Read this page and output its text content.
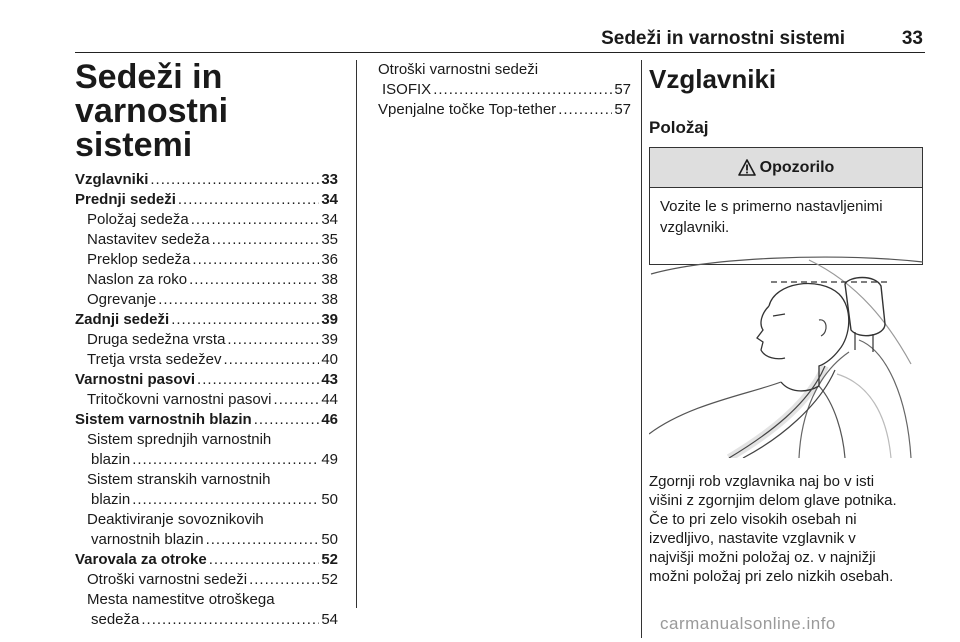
Sedeži in varnostni sistemi	33
Sedeži in varnostni
sistemi
Vzglavniki .....	33
Prednji sedeži .....	34
Položaj sedeža .....	34
Nastavitev sedeža .....	35
Preklop sedeža .....	36
Naslon za roko .....	38
Ogrevanje .....	38
Zadnji sedeži .....	39
Druga sedežna vrsta .....	39
Tretja vrsta sedežev .....	40
Varnostni pasovi .....	43
Tritočkovni varnostni pasovi .....	44
Sistem varnostnih blazin .....	46
Sistem sprednjih varnostnih
blazin .....	49
Sistem stranskih varnostnih
blazin .....	50
Deaktiviranje sovoznikovih
varnostnih blazin .....	50
Varovala za otroke .....	52
Otroški varnostni sedeži .....	52
Mesta namestitve otroškega
sedeža .....	54
Otroški varnostni sedeži
ISOFIX .....	57
Vpenjalne točke Top-tether .....	57
Vzglavniki
Položaj
Opozorilo
Vozite le s primerno nastavljenimi
vzglavniki.
Zgornji rob vzglavnika naj bo v isti
višini z zgornjim delom glave potnika.
Če to pri zelo visokih osebah ni
izvedljivo, nastavite vzglavnik v
najvišji možni položaj oz. v najnižji
možni položaj pri zelo nizkih osebah.
carmanualsonline.info
